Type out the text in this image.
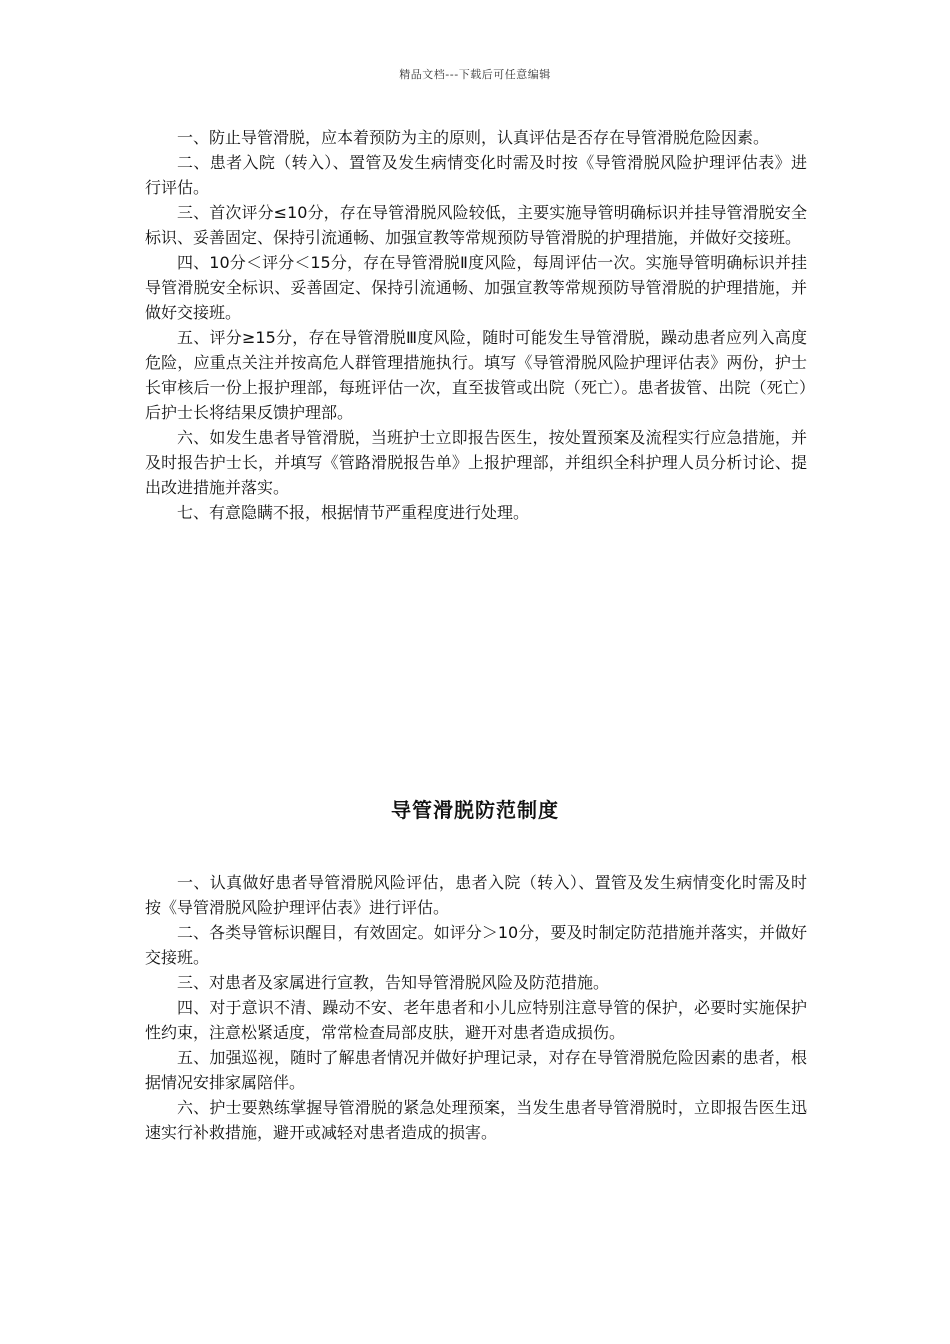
精品文档---下载后可任意编辑

一、防止导管滑脱，应本着预防为主的原则，认真评估是否存在导管滑脱危险因素。

二、患者入院（转入）、置管及发生病情变化时需及时按《导管滑脱风险护理评估表》进行评估。

三、首次评分≤10分，存在导管滑脱风险较低，主要实施导管明确标识并挂导管滑脱安全标识、妥善固定、保持引流通畅、加强宣教等常规预防导管滑脱的护理措施，并做好交接班。

四、10分＜评分＜15分，存在导管滑脱Ⅱ度风险，每周评估一次。实施导管明确标识并挂导管滑脱安全标识、妥善固定、保持引流通畅、加强宣教等常规预防导管滑脱的护理措施，并做好交接班。

五、评分≥15分，存在导管滑脱Ⅲ度风险，随时可能发生导管滑脱，躁动患者应列入高度危险，应重点关注并按高危人群管理措施执行。填写《导管滑脱风险护理评估表》两份，护士长审核后一份上报护理部，每班评估一次，直至拔管或出院（死亡）。患者拔管、出院（死亡）后护士长将结果反馈护理部。

六、如发生患者导管滑脱，当班护士立即报告医生，按处置预案及流程实行应急措施，并及时报告护士长，并填写《管路滑脱报告单》上报护理部，并组织全科护理人员分析讨论、提出改进措施并落实。

七、有意隐瞒不报，根据情节严重程度进行处理。

导管滑脱防范制度

一、认真做好患者导管滑脱风险评估，患者入院（转入）、置管及发生病情变化时需及时按《导管滑脱风险护理评估表》进行评估。

二、各类导管标识醒目，有效固定。如评分＞10分，要及时制定防范措施并落实，并做好交接班。

三、对患者及家属进行宣教，告知导管滑脱风险及防范措施。

四、对于意识不清、躁动不安、老年患者和小儿应特别注意导管的保护，必要时实施保护性约束，注意松紧适度，常常检查局部皮肤，避开对患者造成损伤。

五、加强巡视，随时了解患者情况并做好护理记录，对存在导管滑脱危险因素的患者，根据情况安排家属陪伴。

六、护士要熟练掌握导管滑脱的紧急处理预案，当发生患者导管滑脱时，立即报告医生迅速实行补救措施，避开或减轻对患者造成的损害。
